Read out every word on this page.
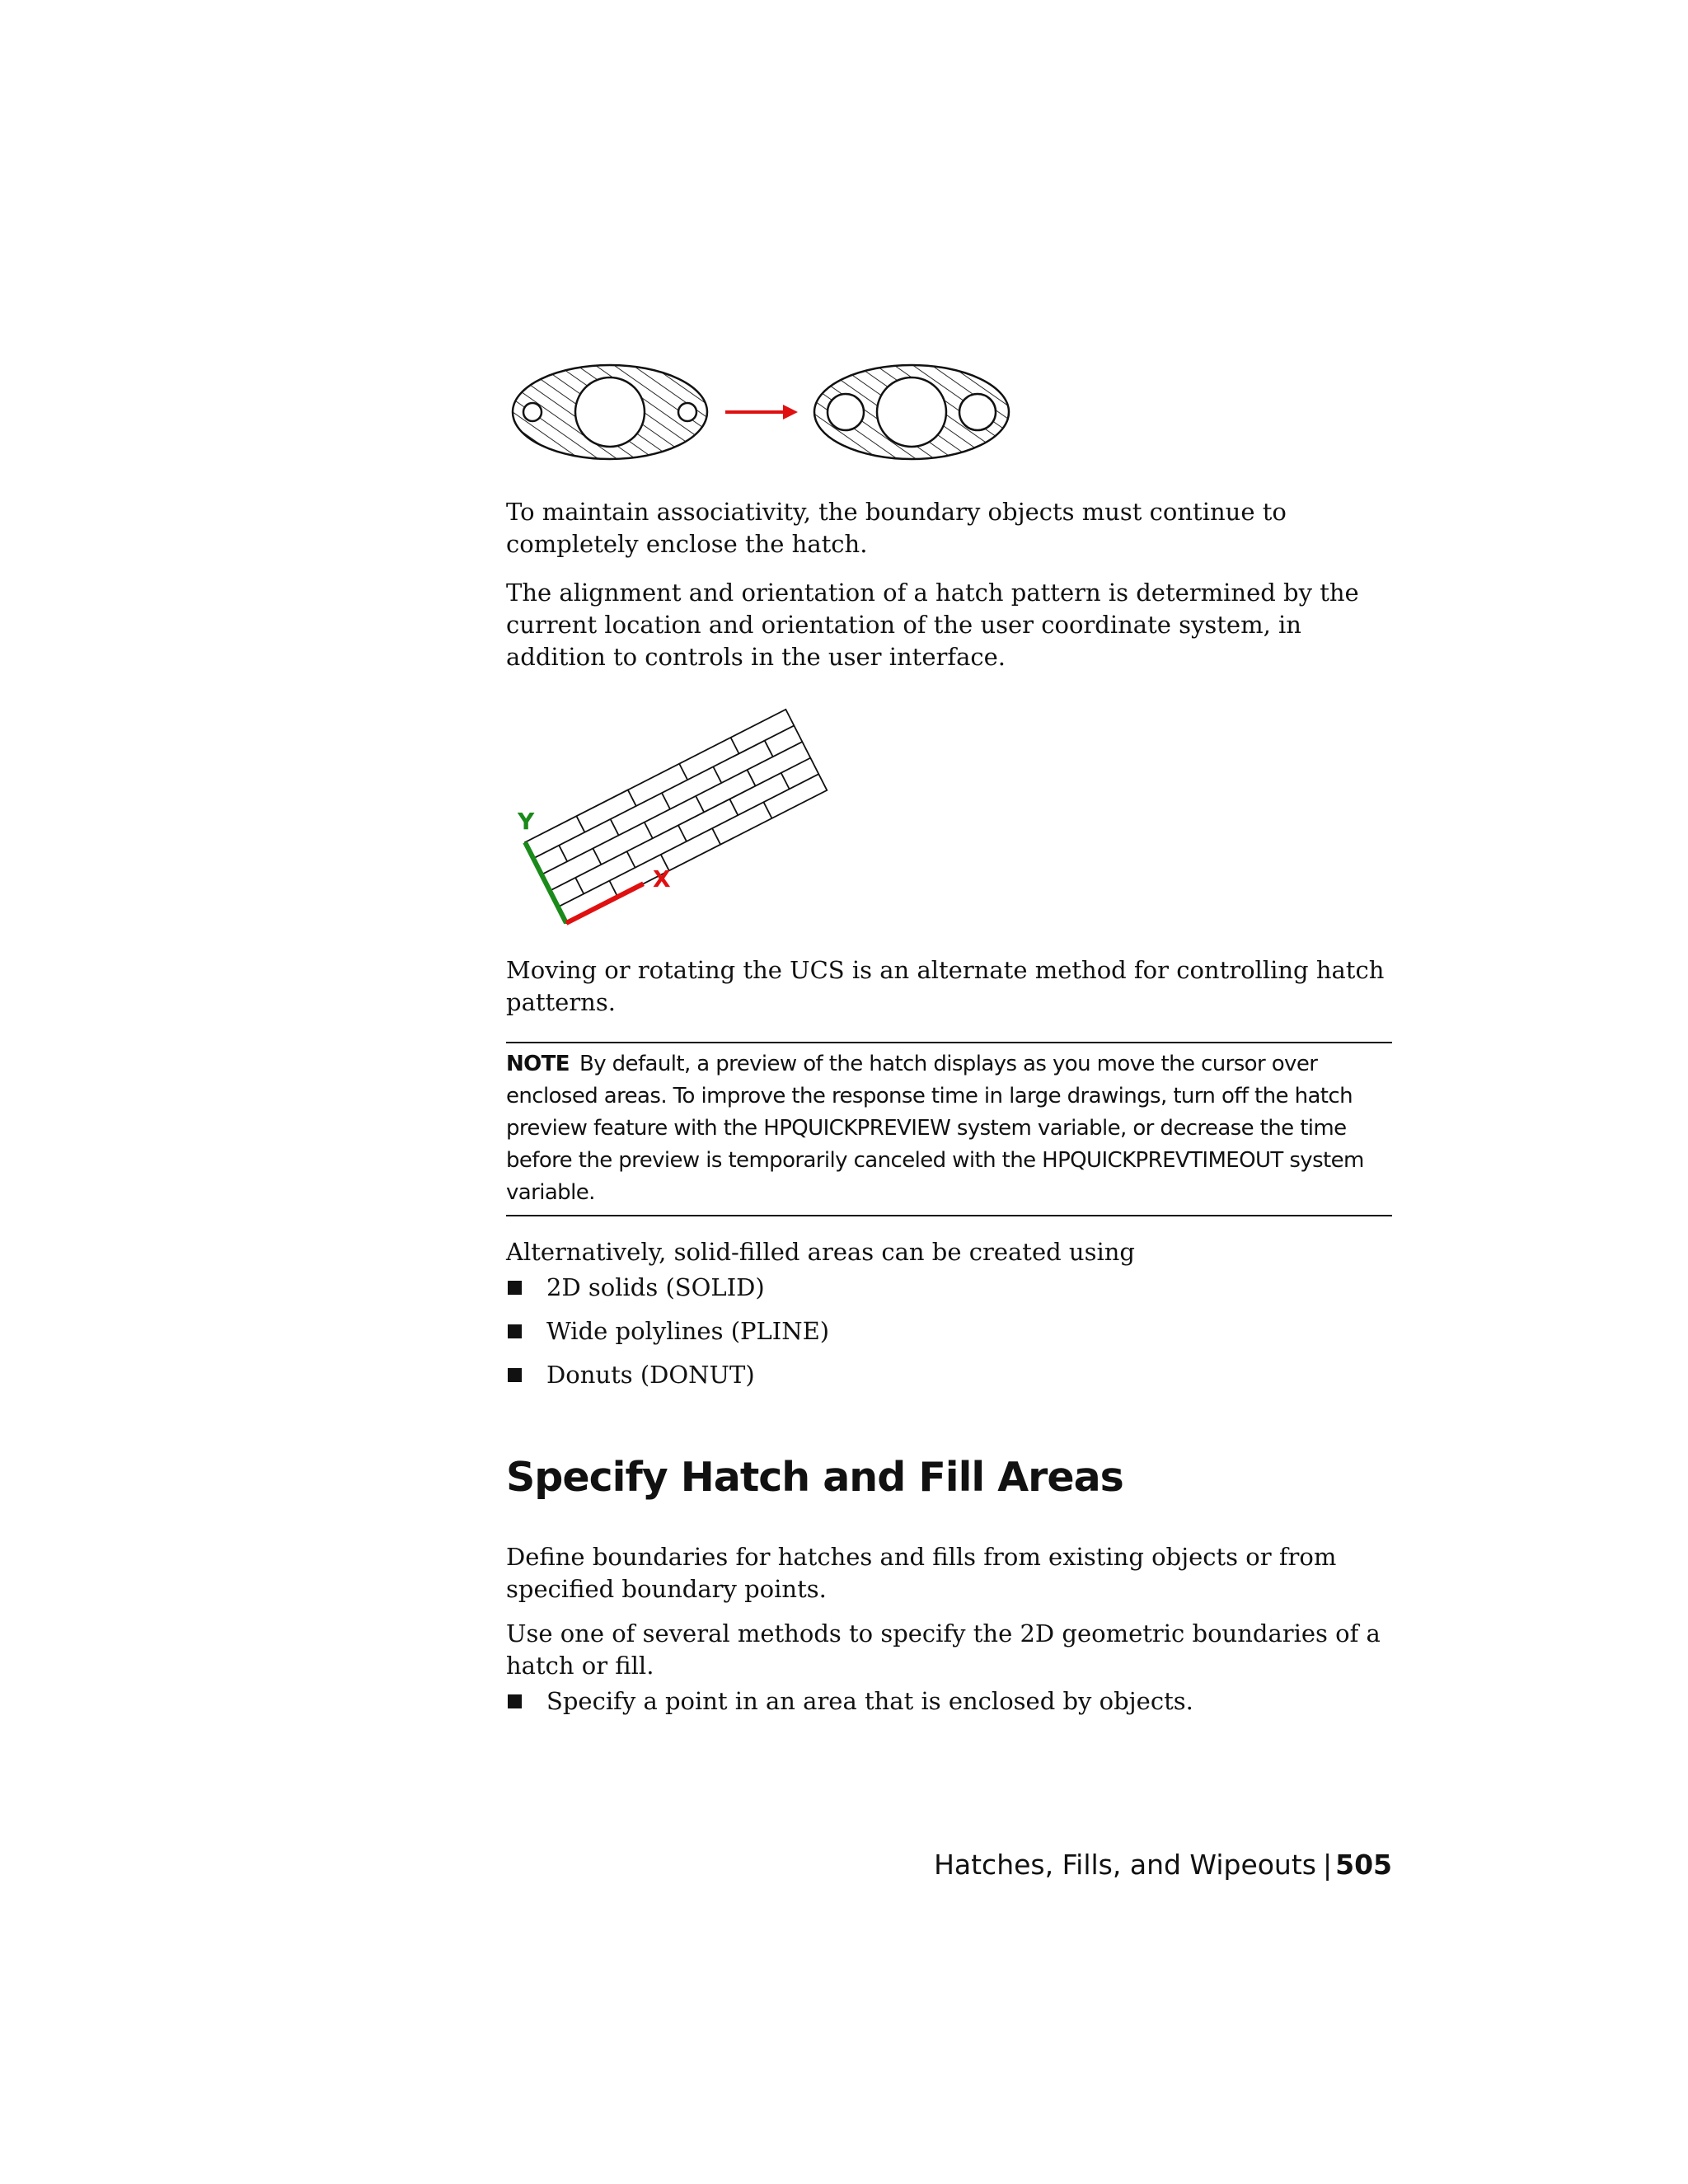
To maintain associativity, the boundary objects must continue to completely enclose the hatch.

The alignment and orientation of a hatch pattern is determined by the current location and orientation of the user coordinate system, in addition to controls in the user interface.

Y
X

Moving or rotating the UCS is an alternate method for controlling hatch patterns.

NOTE By default, a preview of the hatch displays as you move the cursor over enclosed areas. To improve the response time in large drawings, turn off the hatch preview feature with the HPQUICKPREVIEW system variable, or decrease the time before the preview is temporarily canceled with the HPQUICKPREVTIMEOUT system variable.

Alternatively, solid-filled areas can be created using

2D solids (SOLID)
Wide polylines (PLINE)
Donuts (DONUT)
Specify Hatch and Fill Areas

Define boundaries for hatches and fills from existing objects or from specified boundary points.

Use one of several methods to specify the 2D geometric boundaries of a hatch or fill.

Specify a point in an area that is enclosed by objects.
Hatches, Fills, and Wipeouts | 505
